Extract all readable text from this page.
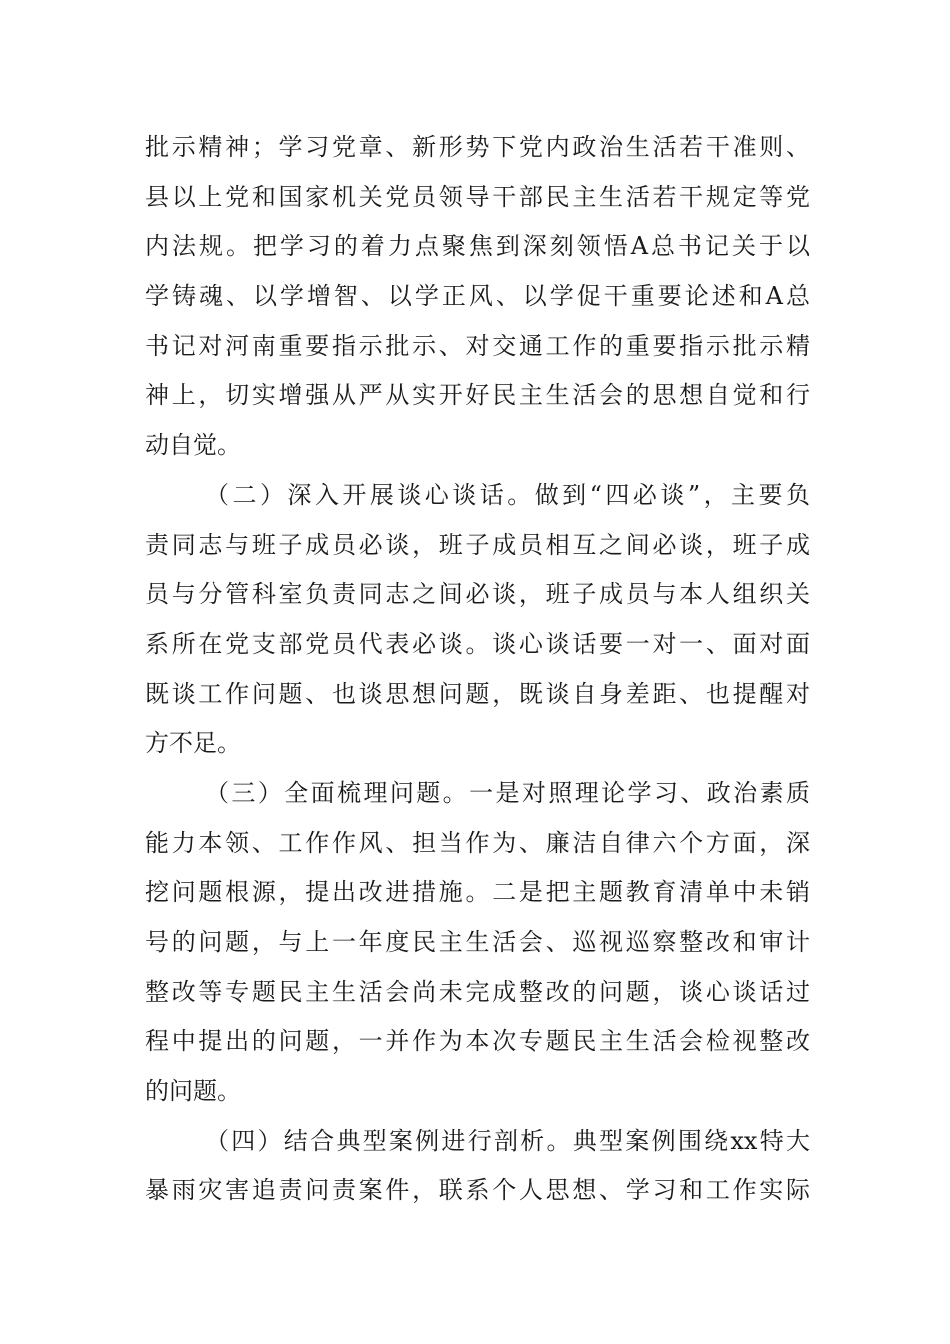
批示精神；学习党章、新形势下党内政治生活若干准则、
县以上党和国家机关党员领导干部民主生活若干规定等党
内法规。把学习的着力点聚焦到深刻领悟A总书记关于以
学铸魂、以学增智、以学正风、以学促干重要论述和A总
书记对河南重要指示批示、对交通工作的重要指示批示精
神上，切实增强从严从实开好民主生活会的思想自觉和行
动自觉。
（二）深入开展谈心谈话。做到“四必谈”，主要负
责同志与班子成员必谈，班子成员相互之间必谈，班子成
员与分管科室负责同志之间必谈，班子成员与本人组织关
系所在党支部党员代表必谈。谈心谈话要一对一、面对面
既谈工作问题、也谈思想问题，既谈自身差距、也提醒对
方不足。
（三）全面梳理问题。一是对照理论学习、政治素质
能力本领、工作作风、担当作为、廉洁自律六个方面，深
挖问题根源，提出改进措施。二是把主题教育清单中未销
号的问题，与上一年度民主生活会、巡视巡察整改和审计
整改等专题民主生活会尚未完成整改的问题，谈心谈话过
程中提出的问题，一并作为本次专题民主生活会检视整改
的问题。
（四）结合典型案例进行剖析。典型案例围绕xx特大
暴雨灾害追责问责案件，联系个人思想、学习和工作实际
